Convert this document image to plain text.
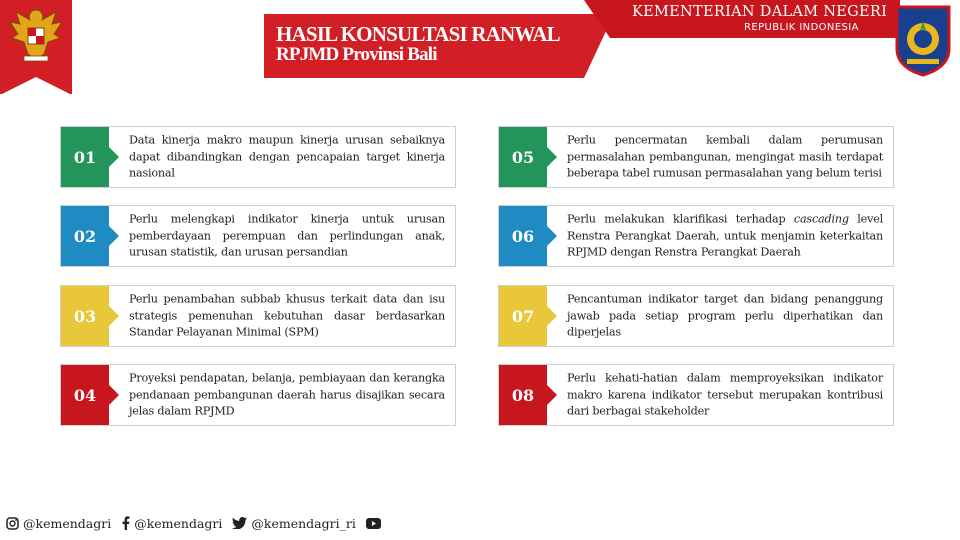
HASIL KONSULTASI RANWAL
RPJMD Provinsi Bali
KEMENTERIAN DALAM NEGERI
REPUBLIK INDONESIA
01
Data kinerja makro maupun kinerja urusan sebaiknya dapat dibandingkan dengan pencapaian target kinerja nasional
02
Perlu melengkapi indikator kinerja untuk urusan pemberdayaan perempuan dan perlindungan anak, urusan statistik, dan urusan persandian
03
Perlu penambahan subbab khusus terkait data dan isu strategis pemenuhan kebutuhan dasar berdasarkan Standar Pelayanan Minimal (SPM)
04
Proyeksi pendapatan, belanja, pembiayaan dan kerangka pendanaan pembangunan daerah harus disajikan secara jelas dalam RPJMD
05
Perlu pencermatan kembali dalam perumusan permasalahan pembangunan, mengingat masih terdapat beberapa tabel rumusan permasalahan yang belum terisi
06
Perlu melakukan klarifikasi terhadap cascading level Renstra Perangkat Daerah, untuk menjamin keterkaitan RPJMD dengan Renstra Perangkat Daerah
07
Pencantuman indikator target dan bidang penanggung jawab pada setiap program perlu diperhatikan dan diperjelas
08
Perlu kehati-hatian dalam memproyeksikan indikator makro karena indikator tersebut merupakan kontribusi dari berbagai stakeholder
@kemendagri @kemendagri @kemendagri_ri
